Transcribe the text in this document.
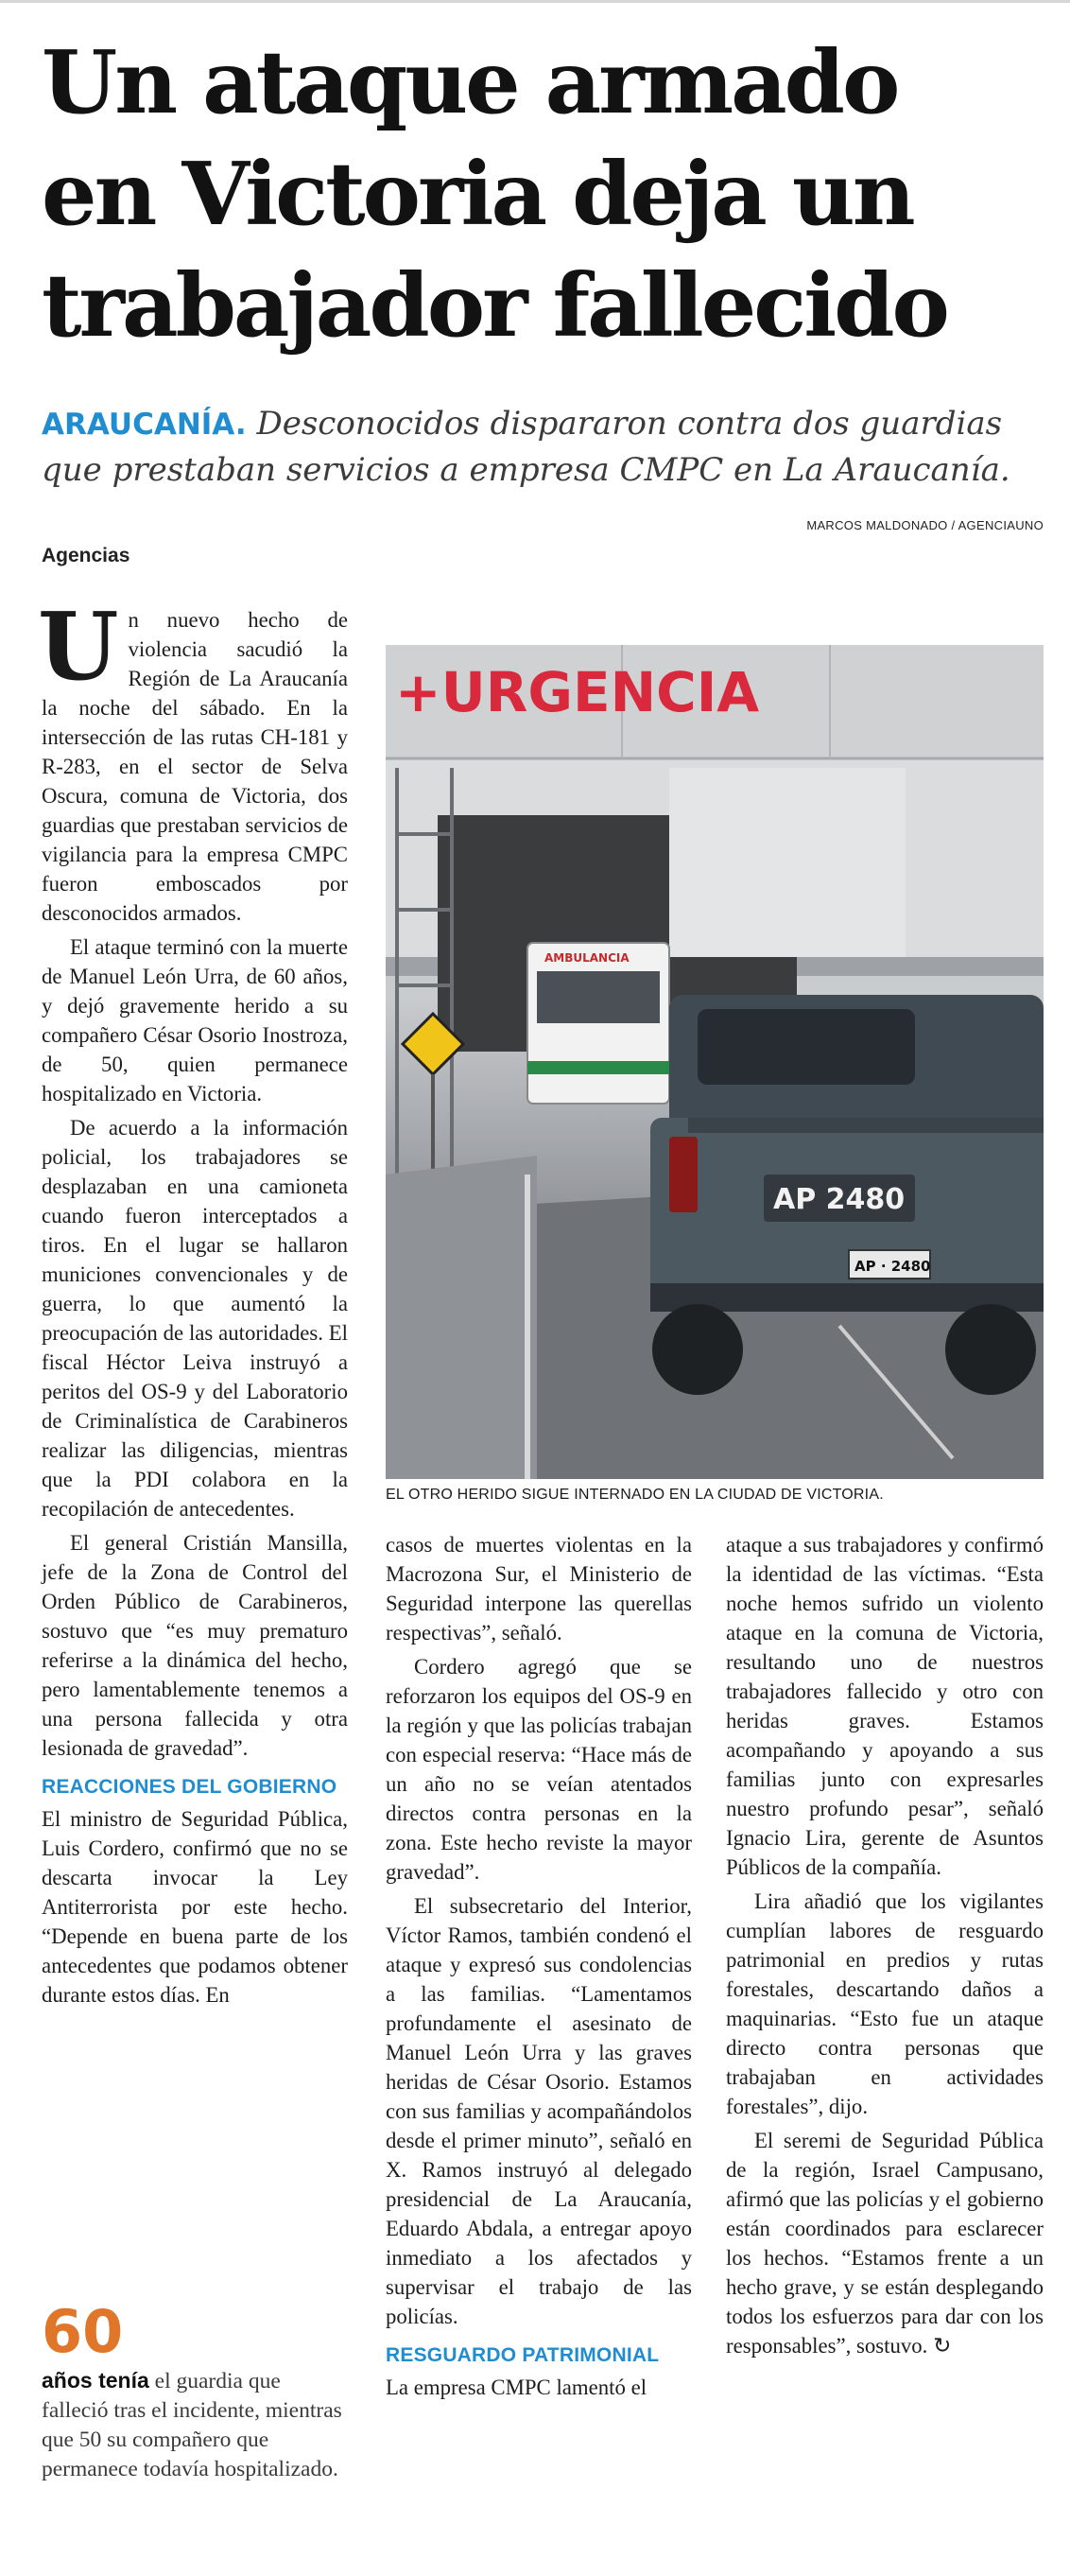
Un ataque armado
en Victoria deja un
trabajador fallecido
ARAUCANÍA. Desconocidos dispararon contra dos guardias que prestaban servicios a empresa CMPC en La Araucanía.
MARCOS MALDONADO / AGENCIAUNO
Agencias

Un nuevo hecho de violencia sacudió la Región de La Araucanía la noche del sábado. En la intersección de las rutas CH-181 y R-283, en el sector de Selva Oscura, comuna de Victoria, dos guardias que prestaban servicios de vigilancia para la empresa CMPC fueron emboscados por desconocidos armados.

El ataque terminó con la muerte de Manuel León Urra, de 60 años, y dejó gravemente herido a su compañero César Osorio Inostroza, de 50, quien permanece hospitalizado en Victoria.

De acuerdo a la información policial, los trabajadores se desplazaban en una camioneta cuando fueron interceptados a tiros. En el lugar se hallaron municiones convencionales y de guerra, lo que aumentó la preocupación de las autoridades. El fiscal Héctor Leiva instruyó a peritos del OS-9 y del Laboratorio de Criminalística de Carabineros realizar las diligencias, mientras que la PDI colabora en la recopilación de antecedentes.

El general Cristián Mansilla, jefe de la Zona de Control del Orden Público de Carabineros, sostuvo que “es muy prematuro referirse a la dinámica del hecho, pero lamentablemente tenemos a una persona fallecida y otra lesionada de gravedad”.

REACCIONES DEL GOBIERNO

El ministro de Seguridad Pública, Luis Cordero, confirmó que no se descarta invocar la Ley Antiterrorista por este hecho. “Depende en buena parte de los antecedentes que podamos obtener durante estos días. En

60
años tenía el guardia que falleció tras el incidente, mientras que 50 su compañero que permanece todavía hospitalizado.
+URGENCIA
AMBULANCIA
AP 2480
AP · 2480
EL OTRO HERIDO SIGUE INTERNADO EN LA CIUDAD DE VICTORIA.

casos de muertes violentas en la Macrozona Sur, el Ministerio de Seguridad interpone las querellas respectivas”, señaló.

Cordero agregó que se reforzaron los equipos del OS-9 en la región y que las policías trabajan con especial reserva: “Hace más de un año no se veían atentados directos contra personas en la zona. Este hecho reviste la mayor gravedad”.

El subsecretario del Interior, Víctor Ramos, también condenó el ataque y expresó sus condolencias a las familias. “Lamentamos profundamente el asesinato de Manuel León Urra y las graves heridas de César Osorio. Estamos con sus familias y acompañándolos desde el primer minuto”, señaló en X. Ramos instruyó al delegado presidencial de La Araucanía, Eduardo Abdala, a entregar apoyo inmediato a los afectados y supervisar el trabajo de las policías.

RESGUARDO PATRIMONIAL

La empresa CMPC lamentó el

ataque a sus trabajadores y confirmó la identidad de las víctimas. “Esta noche hemos sufrido un violento ataque en la comuna de Victoria, resultando uno de nuestros trabajadores fallecido y otro con heridas graves. Estamos acompañando y apoyando a sus familias junto con expresarles nuestro profundo pesar”, señaló Ignacio Lira, gerente de Asuntos Públicos de la compañía.

Lira añadió que los vigilantes cumplían labores de resguardo patrimonial en predios y rutas forestales, descartando daños a maquinarias. “Esto fue un ataque directo contra personas que trabajaban en actividades forestales”, dijo.

El seremi de Seguridad Pública de la región, Israel Campusano, afirmó que las policías y el gobierno están coordinados para esclarecer los hechos. “Estamos frente a un hecho grave, y se están desplegando todos los esfuerzos para dar con los responsables”, sostuvo. ↻
